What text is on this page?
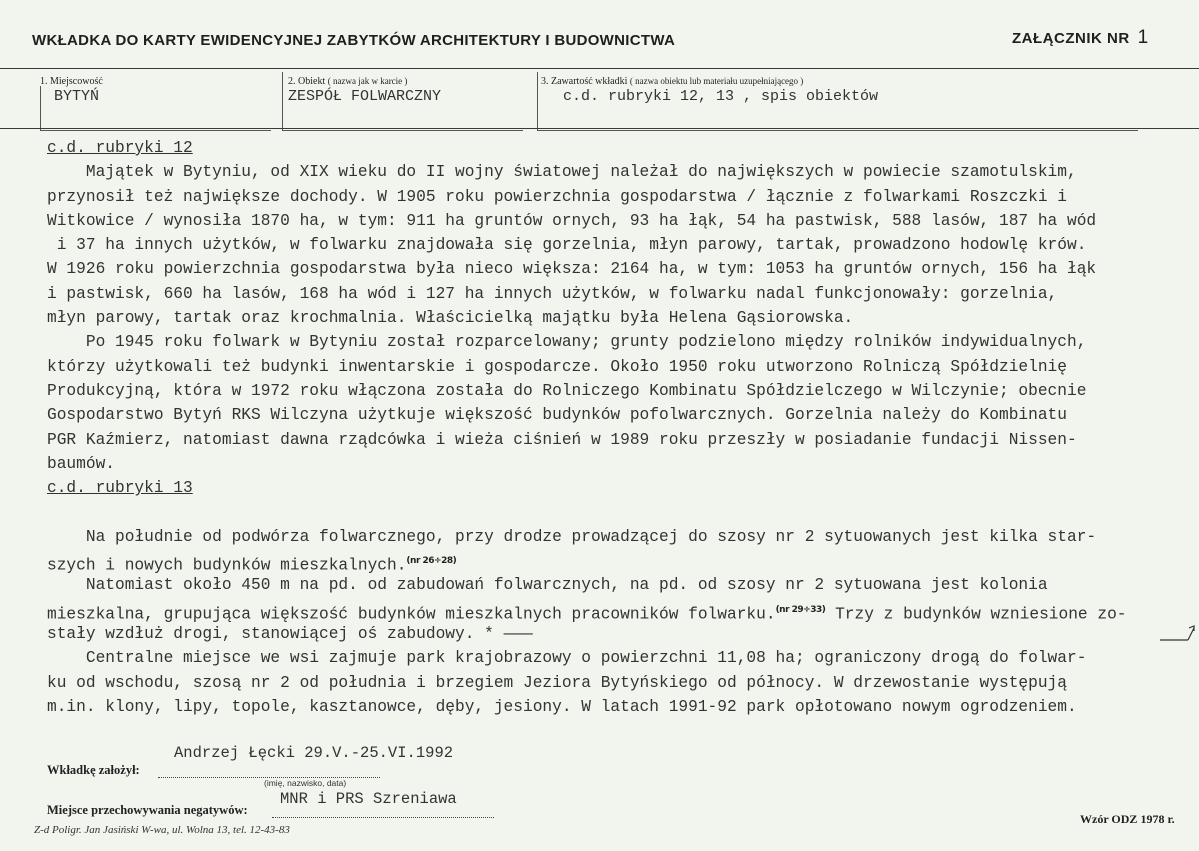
WKŁADKA DO KARTY EWIDENCYJNEJ ZABYTKÓW ARCHITEKTURY I BUDOWNICTWA	ZAŁĄCZNIK NR 1
1. Miejscowość
BYTYŃ
2. Obiekt ( nazwa jak w karcie )
ZESPÓŁ FOLWARCZNY
3. Zawartość wkładki ( nazwa obiektu lub materiału uzupełniającego )
c.d. rubryki 12, 13 , spis obiektów
c.d. rubryki 12
Majątek w Bytyniu, od XIX wieku do II wojny światowej należał do największych w powiecie szamotulskim,
przynosił też największe dochody. W 1905 roku powierzchnia gospodarstwa / łącznie z folwarkami Roszczki i
Witkowice / wynosiła 1870 ha, w tym: 911 ha gruntów ornych, 93 ha łąk, 54 ha pastwisk, 588 lasów, 187 ha wód
i 37 ha innych użytków, w folwarku znajdowała się gorzelnia, młyn parowy, tartak, prowadzono hodowlę krów.
W 1926 roku powierzchnia gospodarstwa była nieco większa: 2164 ha, w tym: 1053 ha gruntów ornych, 156 ha łąk
i pastwisk, 660 ha lasów, 168 ha wód i 127 ha innych użytków, w folwarku nadal funkcjonowały: gorzelnia,
młyn parowy, tartak oraz krochmalnia. Właścicielką majątku była Helena Gąsiorowska.
Po 1945 roku folwark w Bytyniu został rozparcelowany; grunty podzielono między rolników indywidualnych,
którzy użytkowali też budynki inwentarskie i gospodarcze. Około 1950 roku utworzono Rolniczą Spółdzielnię
Produkcyjną, która w 1972 roku włączona została do Rolniczego Kombinatu Spółdzielczego w Wilczynie; obecnie
Gospodarstwo Bytyń RKS Wilczyna użytkuje większość budynków pofolwarcznych. Gorzelnia należy do Kombinatu
PGR Kaźmierz, natomiast dawna rządcówka i wieża ciśnień w 1989 roku przeszły w posiadanie fundacji Nissen-
baumów.
c.d. rubryki 13
Na południe od podwórza folwarcznego, przy drodze prowadzącej do szosy nr 2 sytuowanych jest kilka star-
szych i nowych budynków mieszkalnych.$^{(nr 26\div 28)}$
Natomiast około 450 m na pd. od zabudowań folwarcznych, na pd. od szosy nr 2 sytuowana jest kolonia
mieszkalna, grupująca większość budynków mieszkalnych pracowników folwarku.$^{(nr 29\div 33)}$ Trzy z budynków wzniesione zo-
stały wzdłuż drogi, stanowiącej oś zabudowy. * ———
Centralne miejsce we wsi zajmuje park krajobrazowy o powierzchni 11,08 ha; ograniczony drogą do folwar-
ku od wschodu, szosą nr 2 od południa i brzegiem Jeziora Bytyńskiego od północy. W drzewostanie występują
m.in. klony, lipy, topole, kasztanowce, dęby, jesiony. W latach 1991-92 park opłotowano nowym ogrodzeniem.
Wkładkę założył:
Andrzej Łęcki 29.V.-25.VI.1992
(imię, nazwisko, data)
Miejsce przechowywania negatywów:
MNR i PRS Szreniawa
Z-d Poligr. Jan Jasiński W-wa, ul. Wolna 13, tel. 12-43-83
Wzór ODZ 1978 r.
